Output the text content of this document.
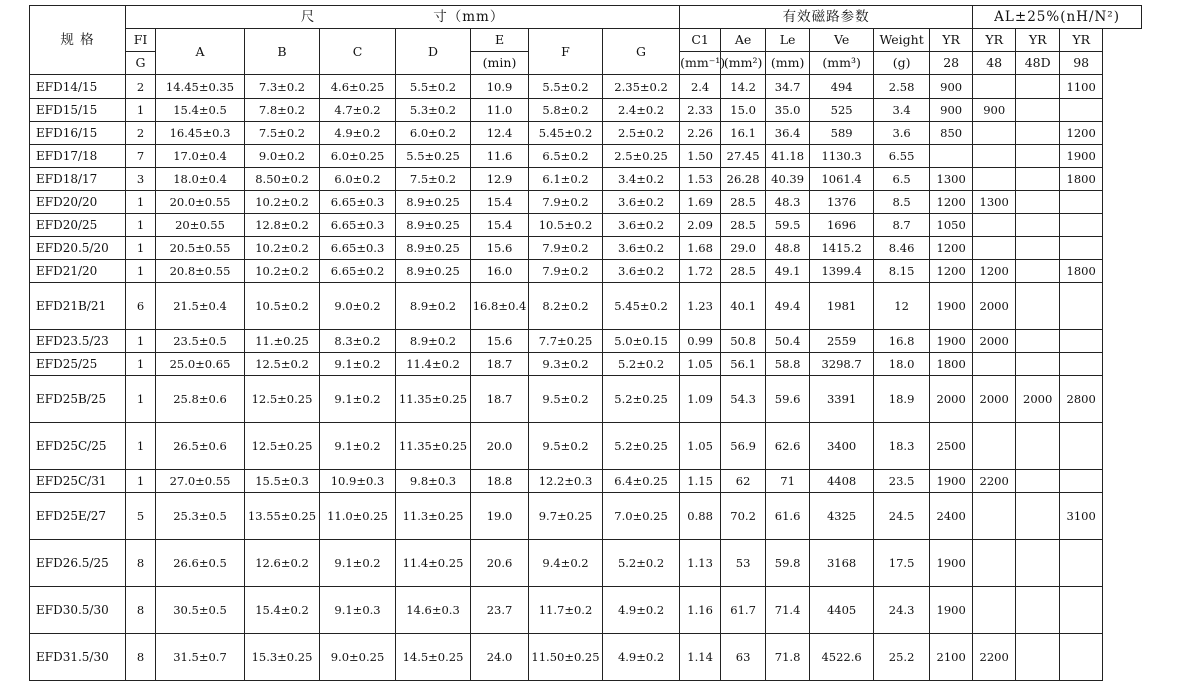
规 格	尺 寸（mm）								有效磁路参数						AL±25%(nH/N²)		
	FI	A	B	C	D	E	F	G	C1	Ae	Le	Ve	Weight	YR	YR	YR	YR
	G					(min)			(mm⁻¹)	(mm²)	(mm)	(mm³)	(g)	28	48	48D	98
EFD14/15	2	14.45±0.35	7.3±0.2	4.6±0.25	5.5±0.2	10.9	5.5±0.2	2.35±0.2	2.4	14.2	34.7	494	2.58	900			1100
EFD15/15	1	15.4±0.5	7.8±0.2	4.7±0.2	5.3±0.2	11.0	5.8±0.2	2.4±0.2	2.33	15.0	35.0	525	3.4	900	900		
EFD16/15	2	16.45±0.3	7.5±0.2	4.9±0.2	6.0±0.2	12.4	5.45±0.2	2.5±0.2	2.26	16.1	36.4	589	3.6	850			1200
EFD17/18	7	17.0±0.4	9.0±0.2	6.0±0.25	5.5±0.25	11.6	6.5±0.2	2.5±0.25	1.50	27.45	41.18	1130.3	6.55				1900
EFD18/17	3	18.0±0.4	8.50±0.2	6.0±0.2	7.5±0.2	12.9	6.1±0.2	3.4±0.2	1.53	26.28	40.39	1061.4	6.5	1300			1800
EFD20/20	1	20.0±0.55	10.2±0.2	6.65±0.3	8.9±0.25	15.4	7.9±0.2	3.6±0.2	1.69	28.5	48.3	1376	8.5	1200	1300		
EFD20/25	1	20±0.55	12.8±0.2	6.65±0.3	8.9±0.25	15.4	10.5±0.2	3.6±0.2	2.09	28.5	59.5	1696	8.7	1050			
EFD20.5/20	1	20.5±0.55	10.2±0.2	6.65±0.3	8.9±0.25	15.6	7.9±0.2	3.6±0.2	1.68	29.0	48.8	1415.2	8.46	1200			
EFD21/20	1	20.8±0.55	10.2±0.2	6.65±0.2	8.9±0.25	16.0	7.9±0.2	3.6±0.2	1.72	28.5	49.1	1399.4	8.15	1200	1200		1800
EFD21B/21	6	21.5±0.4	10.5±0.2	9.0±0.2	8.9±0.2	16.8±0.4	8.2±0.2	5.45±0.2	1.23	40.1	49.4	1981	12	1900	2000		
EFD23.5/23	1	23.5±0.5	11.±0.25	8.3±0.2	8.9±0.2	15.6	7.7±0.25	5.0±0.15	0.99	50.8	50.4	2559	16.8	1900	2000		
EFD25/25	1	25.0±0.65	12.5±0.2	9.1±0.2	11.4±0.2	18.7	9.3±0.2	5.2±0.2	1.05	56.1	58.8	3298.7	18.0	1800			
EFD25B/25	1	25.8±0.6	12.5±0.25	9.1±0.2	11.35±0.25	18.7	9.5±0.2	5.2±0.25	1.09	54.3	59.6	3391	18.9	2000	2000	2000	2800
EFD25C/25	1	26.5±0.6	12.5±0.25	9.1±0.2	11.35±0.25	20.0	9.5±0.2	5.2±0.25	1.05	56.9	62.6	3400	18.3	2500			
EFD25C/31	1	27.0±0.55	15.5±0.3	10.9±0.3	9.8±0.3	18.8	12.2±0.3	6.4±0.25	1.15	62	71	4408	23.5	1900	2200		
EFD25E/27	5	25.3±0.5	13.55±0.25	11.0±0.25	11.3±0.25	19.0	9.7±0.25	7.0±0.25	0.88	70.2	61.6	4325	24.5	2400			3100
EFD26.5/25	8	26.6±0.5	12.6±0.2	9.1±0.2	11.4±0.25	20.6	9.4±0.2	5.2±0.2	1.13	53	59.8	3168	17.5	1900			
EFD30.5/30	8	30.5±0.5	15.4±0.2	9.1±0.3	14.6±0.3	23.7	11.7±0.2	4.9±0.2	1.16	61.7	71.4	4405	24.3	1900			
EFD31.5/30	8	31.5±0.7	15.3±0.25	9.0±0.25	14.5±0.25	24.0	11.50±0.25	4.9±0.2	1.14	63	71.8	4522.6	25.2	2100	2200		
